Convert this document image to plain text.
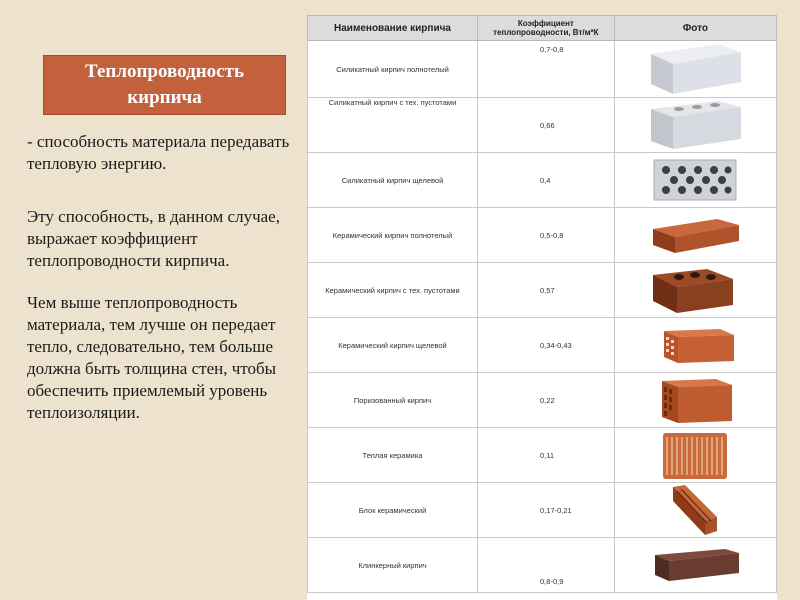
Теплопроводность кирпича
- способность материала передавать тепловую энергию.
Эту способность, в данном случае, выражает коэффициент теплопроводности кирпича.
Чем выше теплопроводность материала, тем лучше он передает тепло, следовательно, тем больше должна быть толщина стен, чтобы обеспечить приемлемый уровень теплоизоляции.
Наименование кирпича	Коэффициент теплопроводности, Вт/м*К	Фото
Силикатный кирпич полнотелый	0,7-0,8	

Силикатный кирпич с тех. пустотами	0,66	

Силикатный кирпич щелевой	0,4	

Керамический кирпич полнотелый	0,5-0,8	

Керамический кирпич с тех. пустотами	0,57	

Керамический кирпич щелевой	0,34-0,43	

Поризованный кирпич	0,22	

Теплая керамика	0,11	

Блок керамический	0,17-0,21	

Клинкерный кирпич	0,8-0,9	
